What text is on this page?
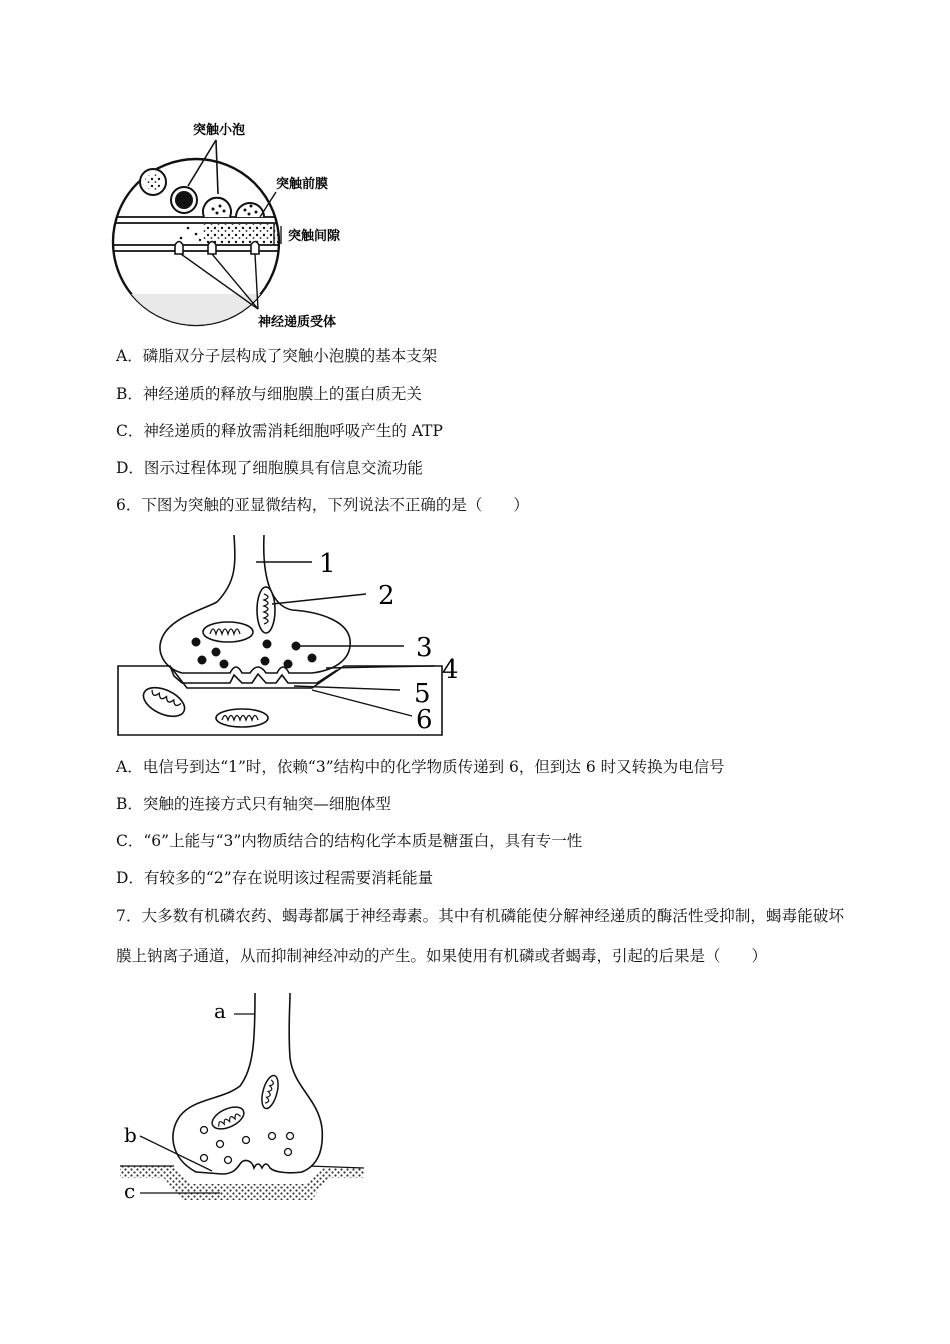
突触小泡
突触前膜
突触间隙
神经递质受体
A．磷脂双分子层构成了突触小泡膜的基本支架
B．神经递质的释放与细胞膜上的蛋白质无关
C．神经递质的释放需消耗细胞呼吸产生的 ATP
D．图示过程体现了细胞膜具有信息交流功能
6．下图为突触的亚显微结构，下列说法不正确的是（　　）
1
2
3
4
5
6
A．电信号到达“1”时，依赖“3”结构中的化学物质传递到 6，但到达 6 时又转换为电信号
B．突触的连接方式只有轴突—细胞体型
C．“6”上能与“3”内物质结合的结构化学本质是糖蛋白，具有专一性
D．有较多的“2”存在说明该过程需要消耗能量
7．大多数有机磷农药、蝎毒都属于神经毒素。其中有机磷能使分解神经递质的酶活性受抑制，蝎毒能破坏膜上钠离子通道，从而抑制神经冲动的产生。如果使用有机磷或者蝎毒，引起的后果是（　　）
a
b
c
